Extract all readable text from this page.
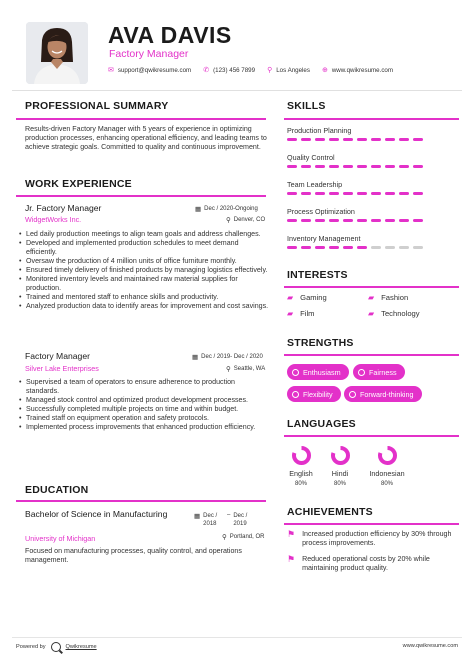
AVA DAVIS
Factory Manager
✉ support@qwikresume.com ✆ (123) 456 7899 ⚲ Los Angeles ⊕ www.qwikresume.com
PROFESSIONAL SUMMARY
Results-driven Factory Manager with 5 years of experience in optimizing production processes, enhancing operational efficiency, and leading teams to achieve strategic goals. Committed to quality and continuous improvement.
WORK EXPERIENCE
Jr. Factory Manager
WidgetWorks Inc.
▦ Dec / 2020-Ongoing
⚲ Denver, CO
• Led daily production meetings to align team goals and address challenges.
• Developed and implemented production schedules to meet demand efficiently.
• Oversaw the production of 4 million units of office furniture monthly.
• Ensured timely delivery of finished products by managing logistics effectively.
• Monitored inventory levels and maintained raw material supplies for production.
• Trained and mentored staff to enhance skills and productivity.
• Analyzed production data to identify areas for improvement and cost savings.
Factory Manager
Silver Lake Enterprises
▦ Dec / 2019- Dec / 2020
⚲ Seattle, WA
• Supervised a team of operators to ensure adherence to production standards.
• Managed stock control and optimized product development processes.
• Successfully completed multiple projects on time and within budget.
• Trained staff on equipment operation and safety protocols.
• Implemented process improvements that enhanced production efficiency.
EDUCATION
Bachelor of Science in Manufacturing
University of Michigan
▦ Dec / 2018
– Dec / 2019
⚲ Portland, OR
Focused on manufacturing processes, quality control, and operations management.
SKILLS
Production Planning
Quality Control
Team Leadership
Process Optimization
Inventory Management
INTERESTS
▰ Gaming	▰ Fashion
▰ Film	▰ Technology
STRENGTHS
Enthusiasm	Fairness
Flexibility	Forward-thinking
LANGUAGES
English
80%
Hindi
80%
Indonesian
80%
ACHIEVEMENTS
⚑ Increased production efficiency by 30% through process improvements.
⚑ Reduced operational costs by 20% while maintaining product quality.
Powered by	Qwikresume	www.qwikresume.com
